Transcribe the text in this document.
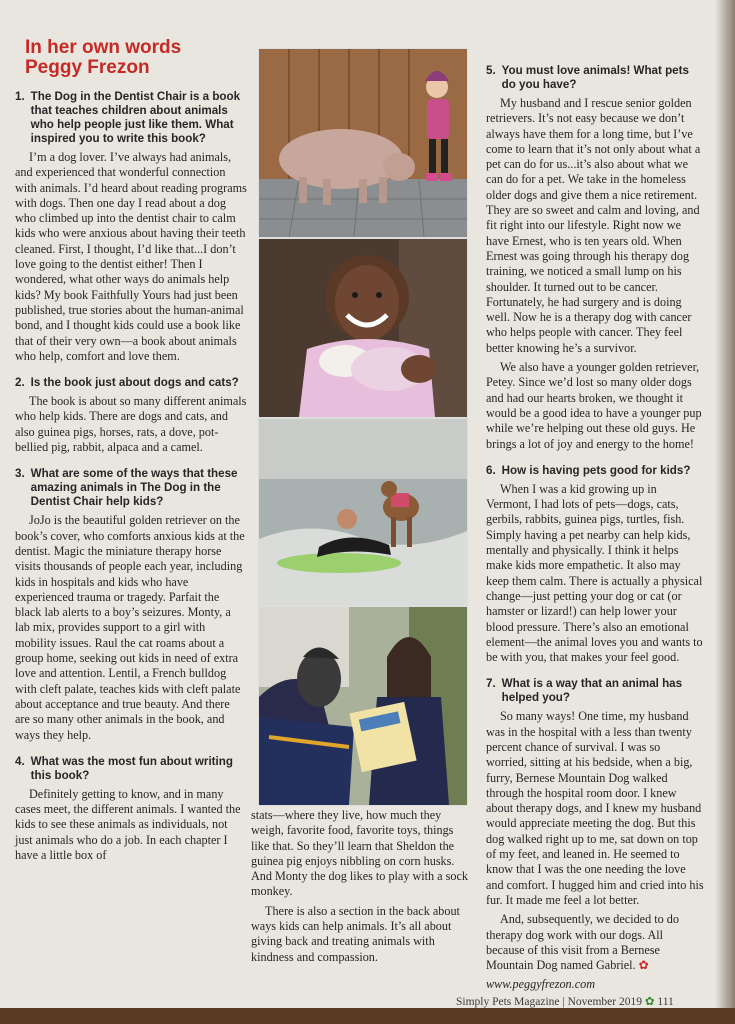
In her own words
Peggy Frezon
1. The Dog in the Dentist Chair is a book that teaches children about animals who help people just like them. What inspired you to write this book?

I’m a dog lover. I’ve always had animals, and experienced that wonderful connection with animals. I’d heard about reading programs with dogs. Then one day I read about a dog who climbed up into the dentist chair to calm kids who were anxious about having their teeth cleaned. First, I thought, I’d like that...I don’t love going to the dentist either! Then I wondered, what other ways do animals help kids? My book Faithfully Yours had just been published, true stories about the human-animal bond, and I thought kids could use a book like that of their very own—a book about animals who help, comfort and love them.

2. Is the book just about dogs and cats?

The book is about so many different animals who help kids. There are dogs and cats, and also guinea pigs, horses, rats, a dove, pot-bellied pig, rabbit, alpaca and a camel.

3. What are some of the ways that these amazing animals in The Dog in the Dentist Chair help kids?

JoJo is the beautiful golden retriever on the book’s cover, who comforts anxious kids at the dentist. Magic the miniature therapy horse visits thousands of people each year, including kids in hospitals and kids who have experienced trauma or tragedy. Parfait the black lab alerts to a boy’s seizures. Monty, a lab mix, provides support to a girl with mobility issues. Raul the cat roams about a group home, seeking out kids in need of extra love and attention. Lentil, a French bulldog with cleft palate, teaches kids with cleft palate about acceptance and true beauty. And there are so many other animals in the book, and ways they help.

4. What was the most fun about writing this book?

Definitely getting to know, and in many cases meet, the different animals. I wanted the kids to see these animals as individuals, not just animals who do a job. In each chapter I have a little box of

stats—where they live, how much they weigh, favorite food, favorite toys, things like that. So they’ll learn that Sheldon the guinea pig enjoys nibbling on corn husks. And Monty the dog likes to play with a sock monkey.

There is also a section in the back about ways kids can help animals. It’s all about giving back and treating animals with kindness and compassion.

5. You must love animals! What pets do you have?

My husband and I rescue senior golden retrievers. It’s not easy because we don’t always have them for a long time, but I’ve come to learn that it’s not only about what a pet can do for us...it’s also about what we can do for a pet. We take in the homeless older dogs and give them a nice retirement. They are so sweet and calm and loving, and fit right into our lifestyle. Right now we have Ernest, who is ten years old. When Ernest was going through his therapy dog training, we noticed a small lump on his shoulder. It turned out to be cancer. Fortunately, he had surgery and is doing well. Now he is a therapy dog with cancer who helps people with cancer. They feel better knowing he’s a survivor.

We also have a younger golden retriever, Petey. Since we’d lost so many older dogs and had our hearts broken, we thought it would be a good idea to have a younger pup while we’re helping out these old guys. He brings a lot of joy and energy to the home!

6. How is having pets good for kids?

When I was a kid growing up in Vermont, I had lots of pets—dogs, cats, gerbils, rabbits, guinea pigs, turtles, fish. Simply having a pet nearby can help kids, mentally and physically. I think it helps make kids more empathetic. It also may keep them calm. There is actually a physical change—just petting your dog or cat (or hamster or lizard!) can help lower your blood pressure. There’s also an emotional element—the animal loves you and wants to be with you, that makes your feel good.

7. What is a way that an animal has helped you?

So many ways! One time, my husband was in the hospital with a less than twenty percent chance of survival. I was so worried, sitting at his bedside, when a big, furry, Bernese Mountain Dog walked through the hospital room door. I knew about therapy dogs, and I knew my husband would appreciate meeting the dog. But this dog walked right up to me, sat down on top of my feet, and leaned in. He seemed to know that I was the one needing the love and comfort. I hugged him and cried into his fur. It made me feel a lot better.

And, subsequently, we decided to do therapy dog work with our dogs. All because of this visit from a Bernese Mountain Dog named Gabriel. ✿

www.peggyfrezon.com
Simply Pets Magazine | November 2019 ✿ 111
